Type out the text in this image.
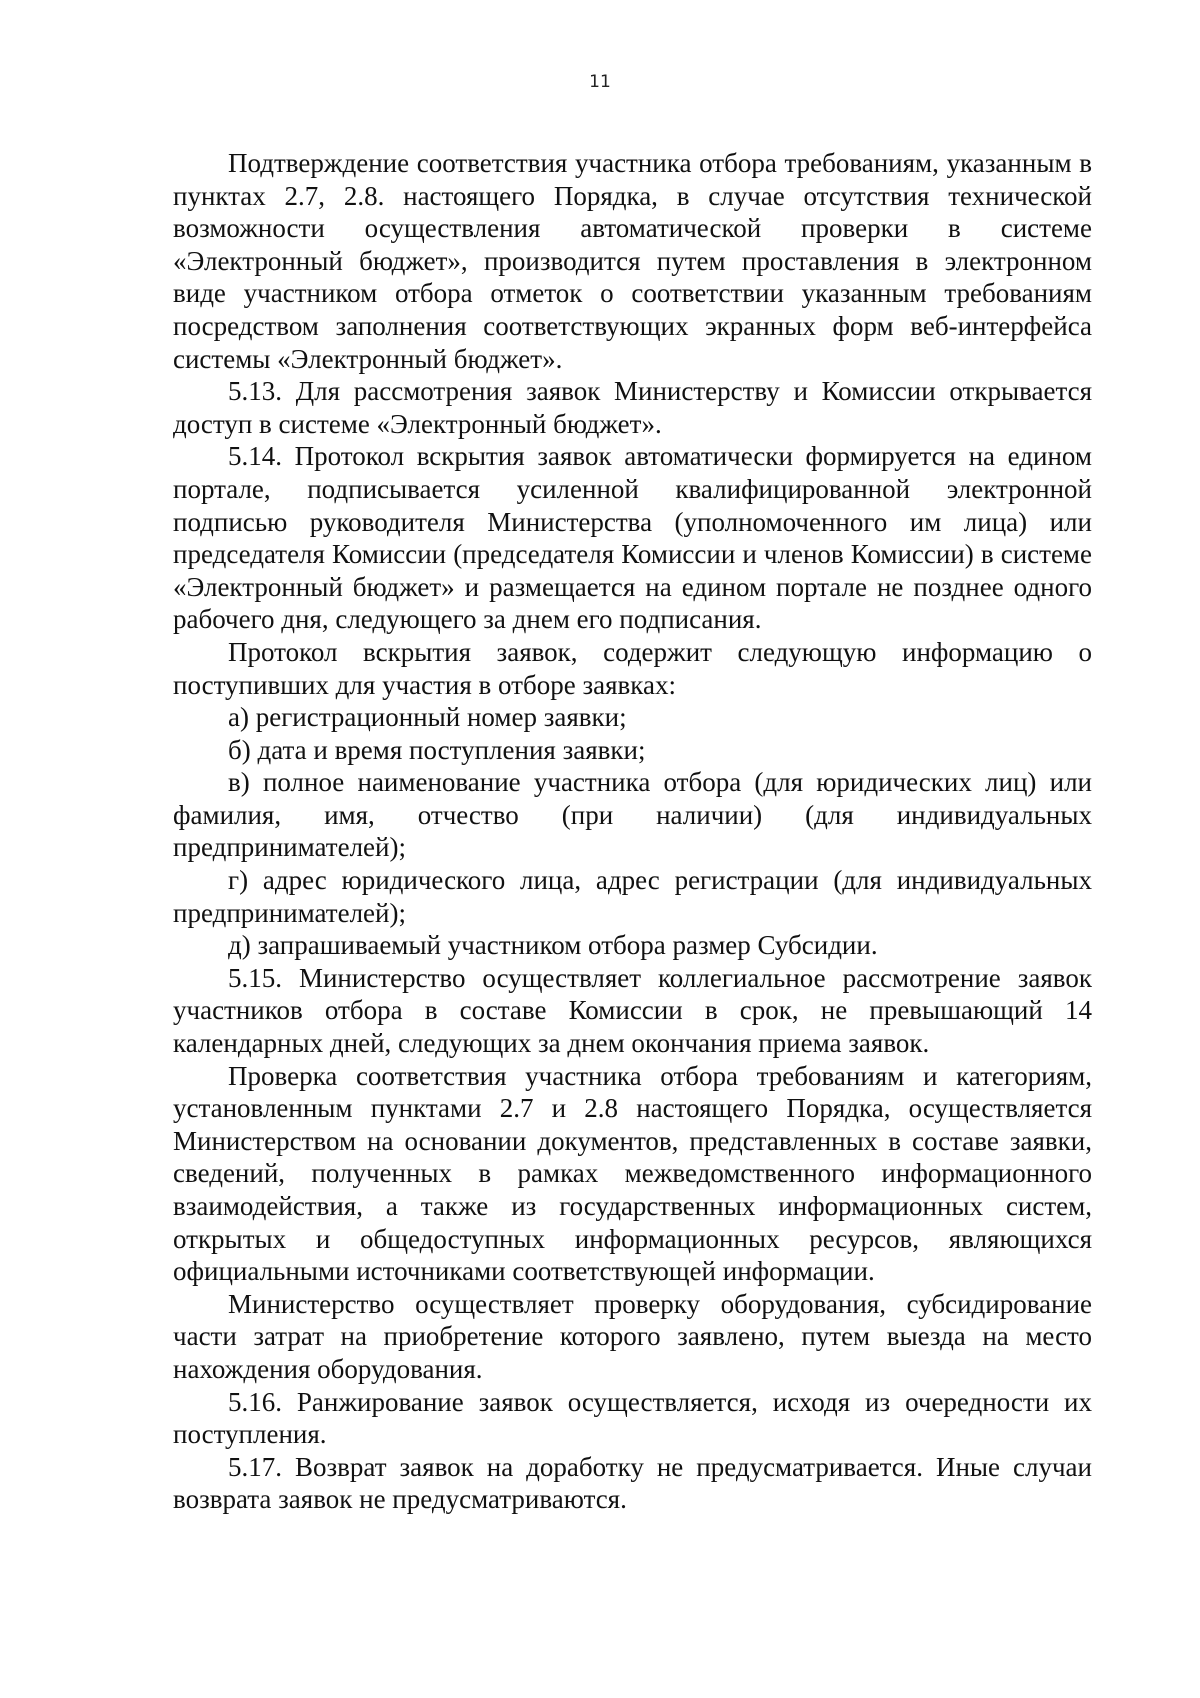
11

Подтверждение соответствия участника отбора требованиям, указанным в пунктах 2.7, 2.8. настоящего Порядка, в случае отсутствия технической возможности осуществления автоматической проверки в системе «Электронный бюджет», производится путем проставления в электронном виде участником отбора отметок о соответствии указанным требованиям посредством заполнения соответствующих экранных форм веб-интерфейса системы «Электронный бюджет».

5.13. Для рассмотрения заявок Министерству и Комиссии открывается доступ в системе «Электронный бюджет».

5.14. Протокол вскрытия заявок автоматически формируется на едином портале, подписывается усиленной квалифицированной электронной подписью руководителя Министерства (уполномоченного им лица) или председателя Комиссии (председателя Комиссии и членов Комиссии) в системе «Электронный бюджет» и размещается на едином портале не позднее одного рабочего дня, следующего за днем его подписания.

Протокол вскрытия заявок, содержит следующую информацию о поступивших для участия в отборе заявках:

а) регистрационный номер заявки;

б) дата и время поступления заявки;

в) полное наименование участника отбора (для юридических лиц) или фамилия, имя, отчество (при наличии) (для индивидуальных предпринимателей);

г) адрес юридического лица, адрес регистрации (для индивидуальных предпринимателей);

д) запрашиваемый участником отбора размер Субсидии.

5.15. Министерство осуществляет коллегиальное рассмотрение заявок участников отбора в составе Комиссии в срок, не превышающий 14 календарных дней, следующих за днем окончания приема заявок.

Проверка соответствия участника отбора требованиям и категориям, установленным пунктами 2.7 и 2.8 настоящего Порядка, осуществляется Министерством на основании документов, представленных в составе заявки, сведений, полученных в рамках межведомственного информационного взаимодействия, а также из государственных информационных систем, открытых и общедоступных информационных ресурсов, являющихся официальными источниками соответствующей информации.

Министерство осуществляет проверку оборудования, субсидирование части затрат на приобретение которого заявлено, путем выезда на место нахождения оборудования.

5.16. Ранжирование заявок осуществляется, исходя из очередности их поступления.

5.17. Возврат заявок на доработку не предусматривается. Иные случаи возврата заявок не предусматриваются.
